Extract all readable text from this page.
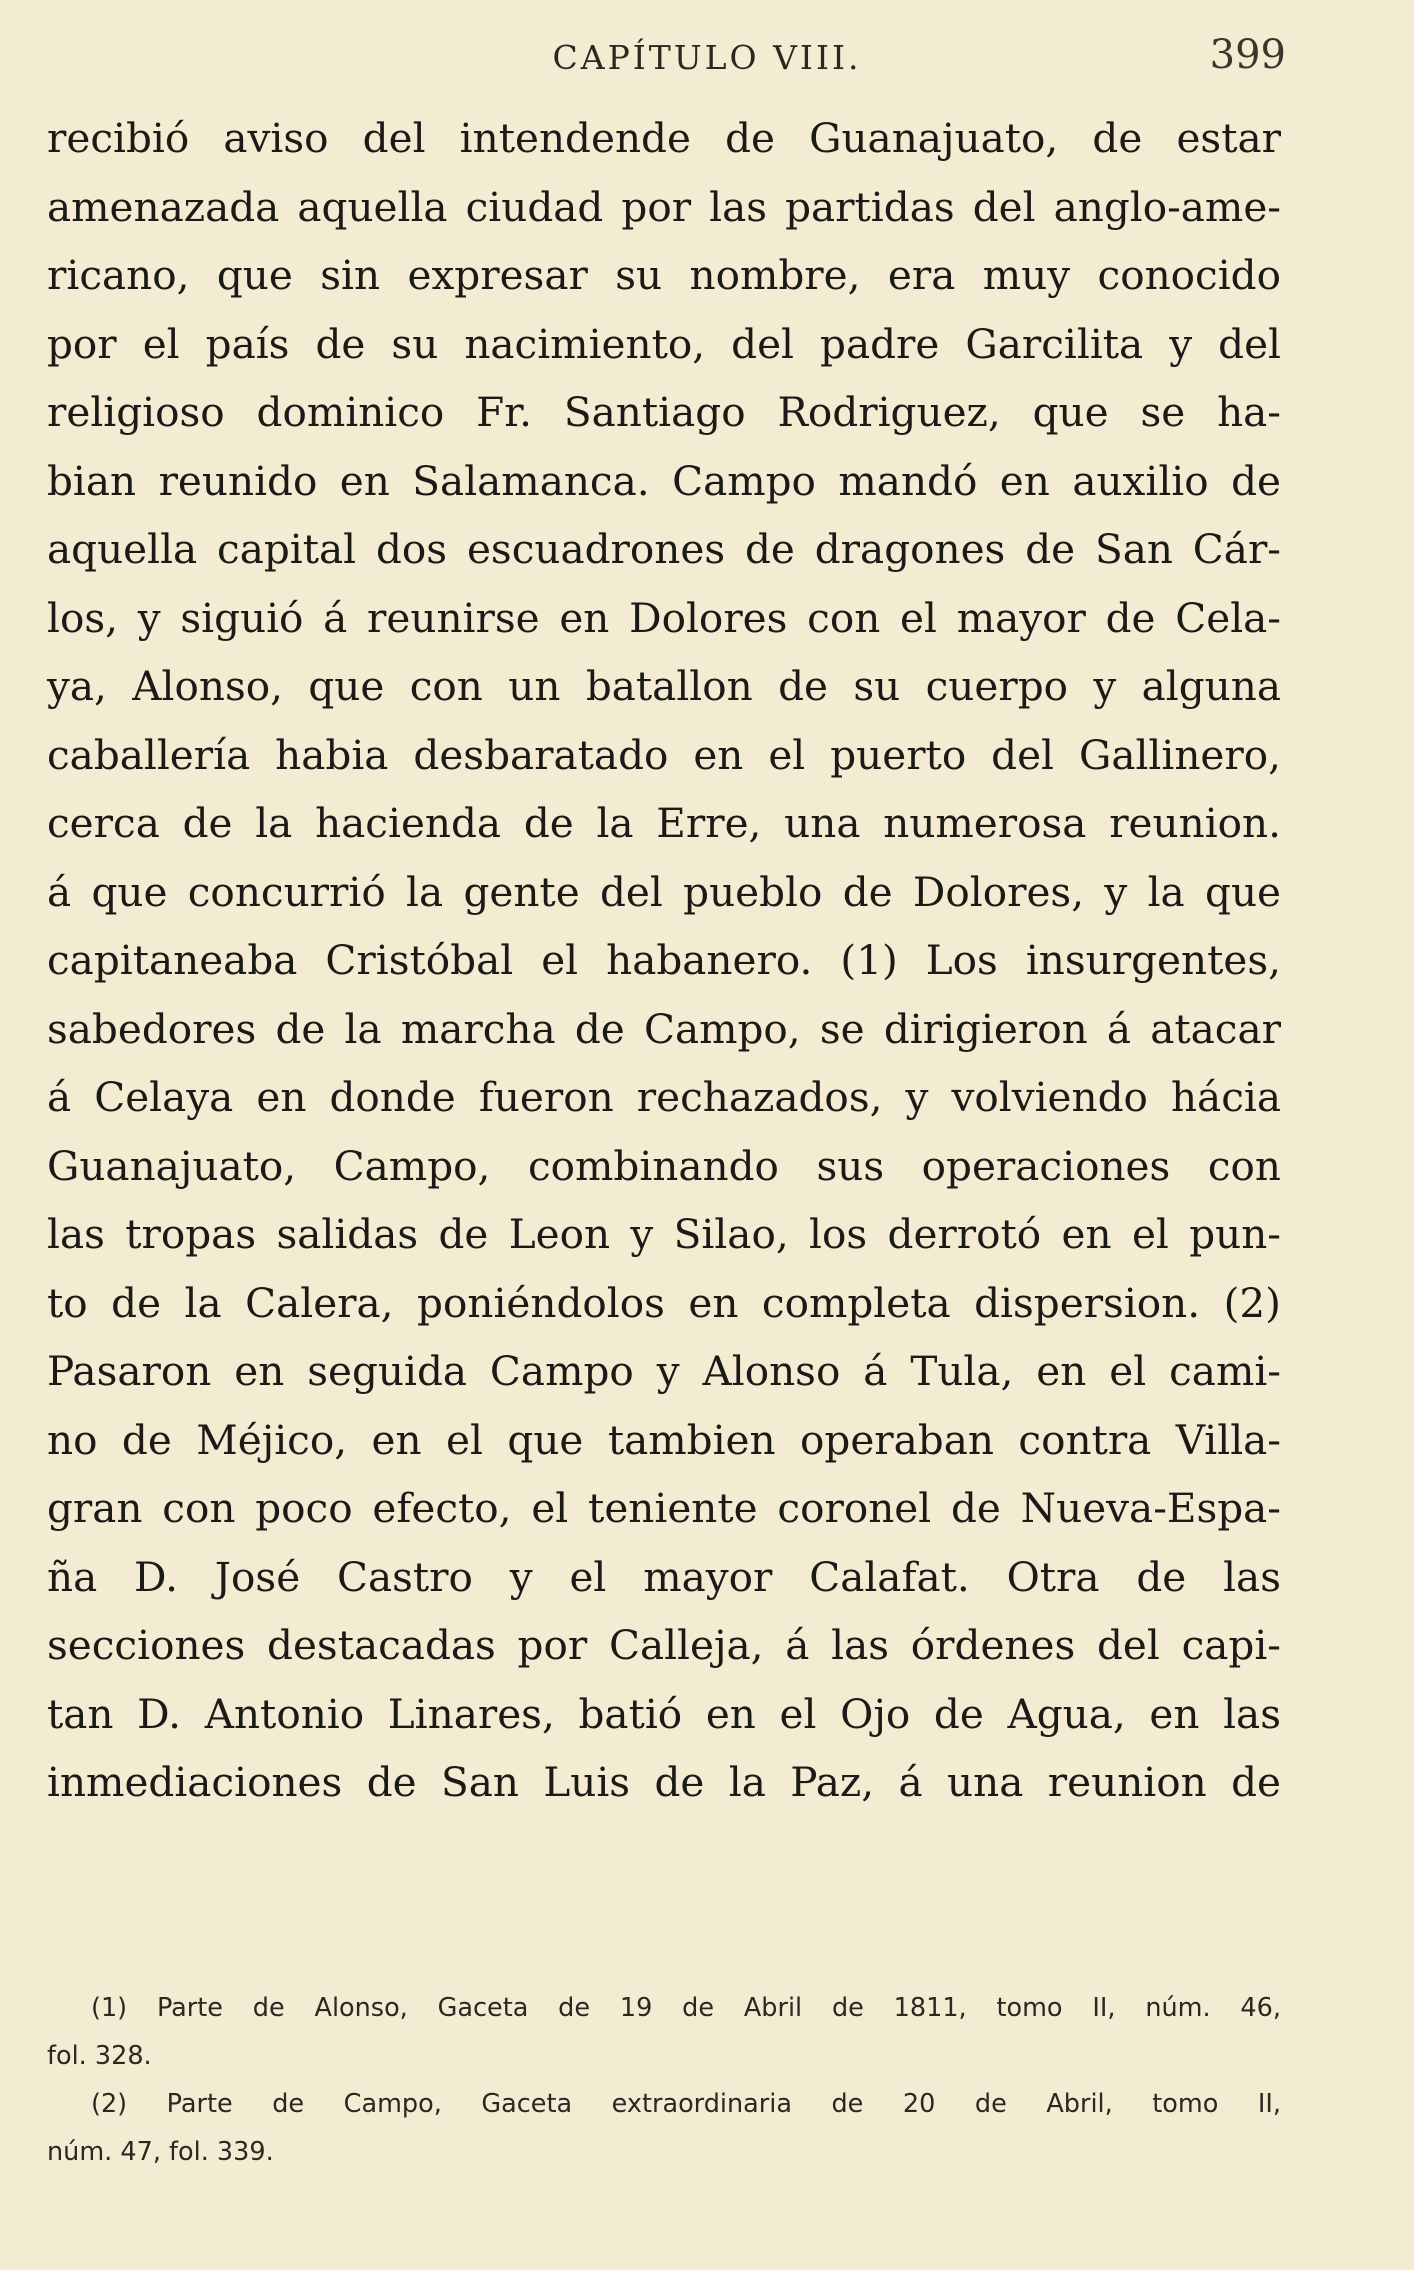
CAPÍTULO VIII.	399
recibió aviso del intendende de Guanajuato, de estar
amenazada aquella ciudad por las partidas del anglo-ame-
ricano, que sin expresar su nombre, era muy conocido
por el país de su nacimiento, del padre Garcilita y del
religioso dominico Fr. Santiago Rodriguez, que se ha-
bian reunido en Salamanca. Campo mandó en auxilio de
aquella capital dos escuadrones de dragones de San Cár-
los, y siguió á reunirse en Dolores con el mayor de Cela-
ya, Alonso, que con un batallon de su cuerpo y alguna
caballería habia desbaratado en el puerto del Gallinero,
cerca de la hacienda de la Erre, una numerosa reunion.
á que concurrió la gente del pueblo de Dolores, y la que
capitaneaba Cristóbal el habanero. (1) Los insurgentes,
sabedores de la marcha de Campo, se dirigieron á atacar
á Celaya en donde fueron rechazados, y volviendo hácia
Guanajuato, Campo, combinando sus operaciones con
las tropas salidas de Leon y Silao, los derrotó en el pun-
to de la Calera, poniéndolos en completa dispersion. (2)
Pasaron en seguida Campo y Alonso á Tula, en el cami-
no de Méjico, en el que tambien operaban contra Villa-
gran con poco efecto, el teniente coronel de Nueva-Espa-
ña D. José Castro y el mayor Calafat. Otra de las
secciones destacadas por Calleja, á las órdenes del capi-
tan D. Antonio Linares, batió en el Ojo de Agua, en las
inmediaciones de San Luis de la Paz, á una reunion de
(1) Parte de Alonso, Gaceta de 19 de Abril de 1811, tomo II, núm. 46,
fol. 328.
(2) Parte de Campo, Gaceta extraordinaria de 20 de Abril, tomo II,
núm. 47, fol. 339.
